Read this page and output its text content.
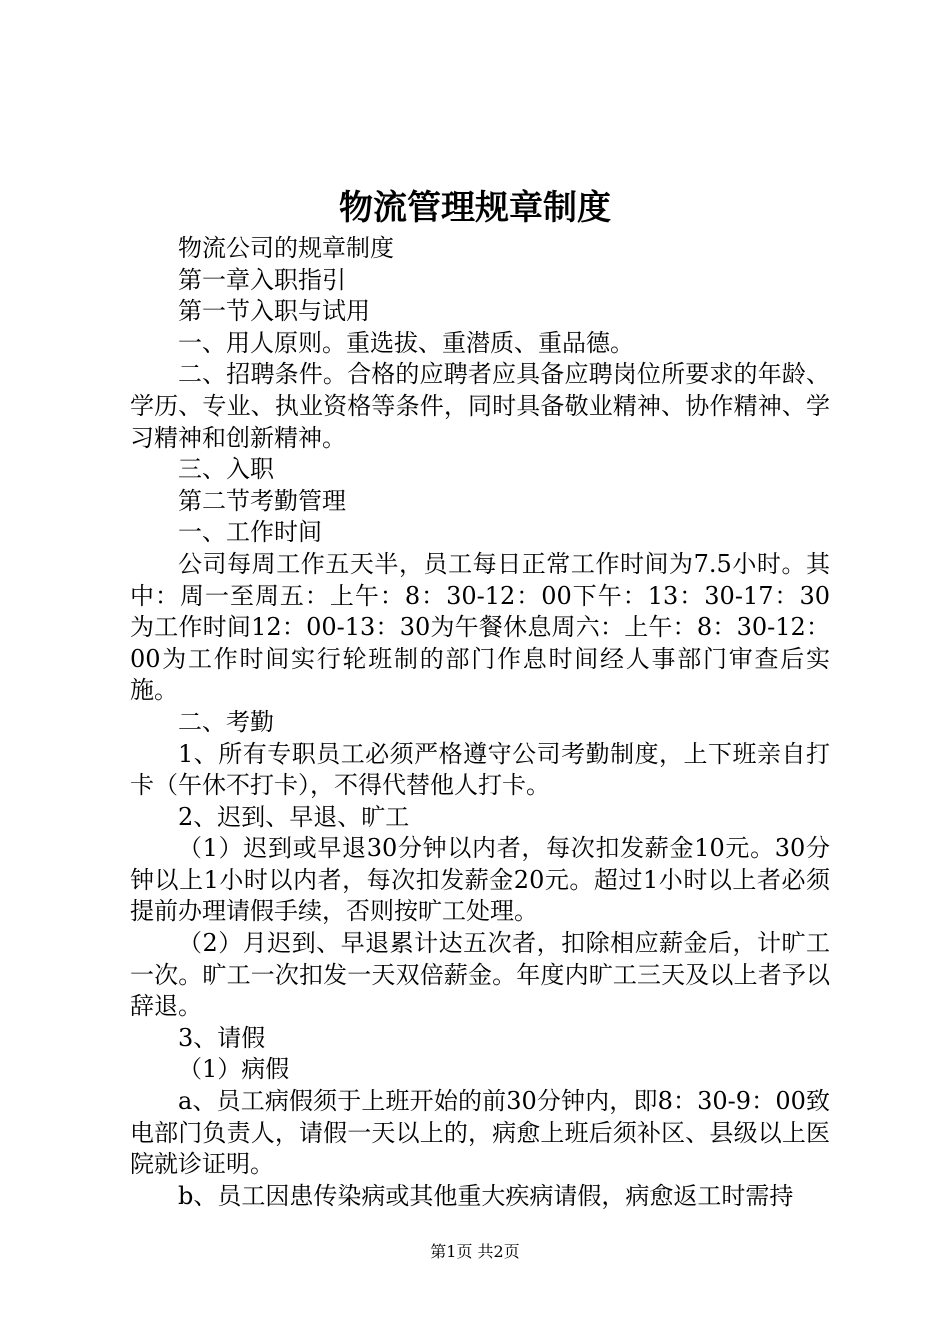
物流管理规章制度

物流公司的规章制度

第一章入职指引

第一节入职与试用

一、用人原则。重选拔、重潜质、重品德。

二、招聘条件。合格的应聘者应具备应聘岗位所要求的年龄、学历、专业、执业资格等条件，同时具备敬业精神、协作精神、学习精神和创新精神。

三、入职

第二节考勤管理

一、工作时间

公司每周工作五天半，员工每日正常工作时间为7.5小时。其中：周一至周五：上午：8：30-12：00下午：13：30-17：30为工作时间12：00-13：30为午餐休息周六：上午：8：30-12：00为工作时间实行轮班制的部门作息时间经人事部门审查后实施。

二、考勤

1、所有专职员工必须严格遵守公司考勤制度，上下班亲自打卡（午休不打卡），不得代替他人打卡。

2、迟到、早退、旷工

（1）迟到或早退30分钟以内者，每次扣发薪金10元。30分钟以上1小时以内者，每次扣发薪金20元。超过1小时以上者必须提前办理请假手续，否则按旷工处理。

（2）月迟到、早退累计达五次者，扣除相应薪金后，计旷工一次。旷工一次扣发一天双倍薪金。年度内旷工三天及以上者予以辞退。

3、请假

（1）病假

a、员工病假须于上班开始的前30分钟内，即8：30-9：00致电部门负责人，请假一天以上的，病愈上班后须补区、县级以上医院就诊证明。

b、员工因患传染病或其他重大疾病请假，病愈返工时需持

第1页 共2页
